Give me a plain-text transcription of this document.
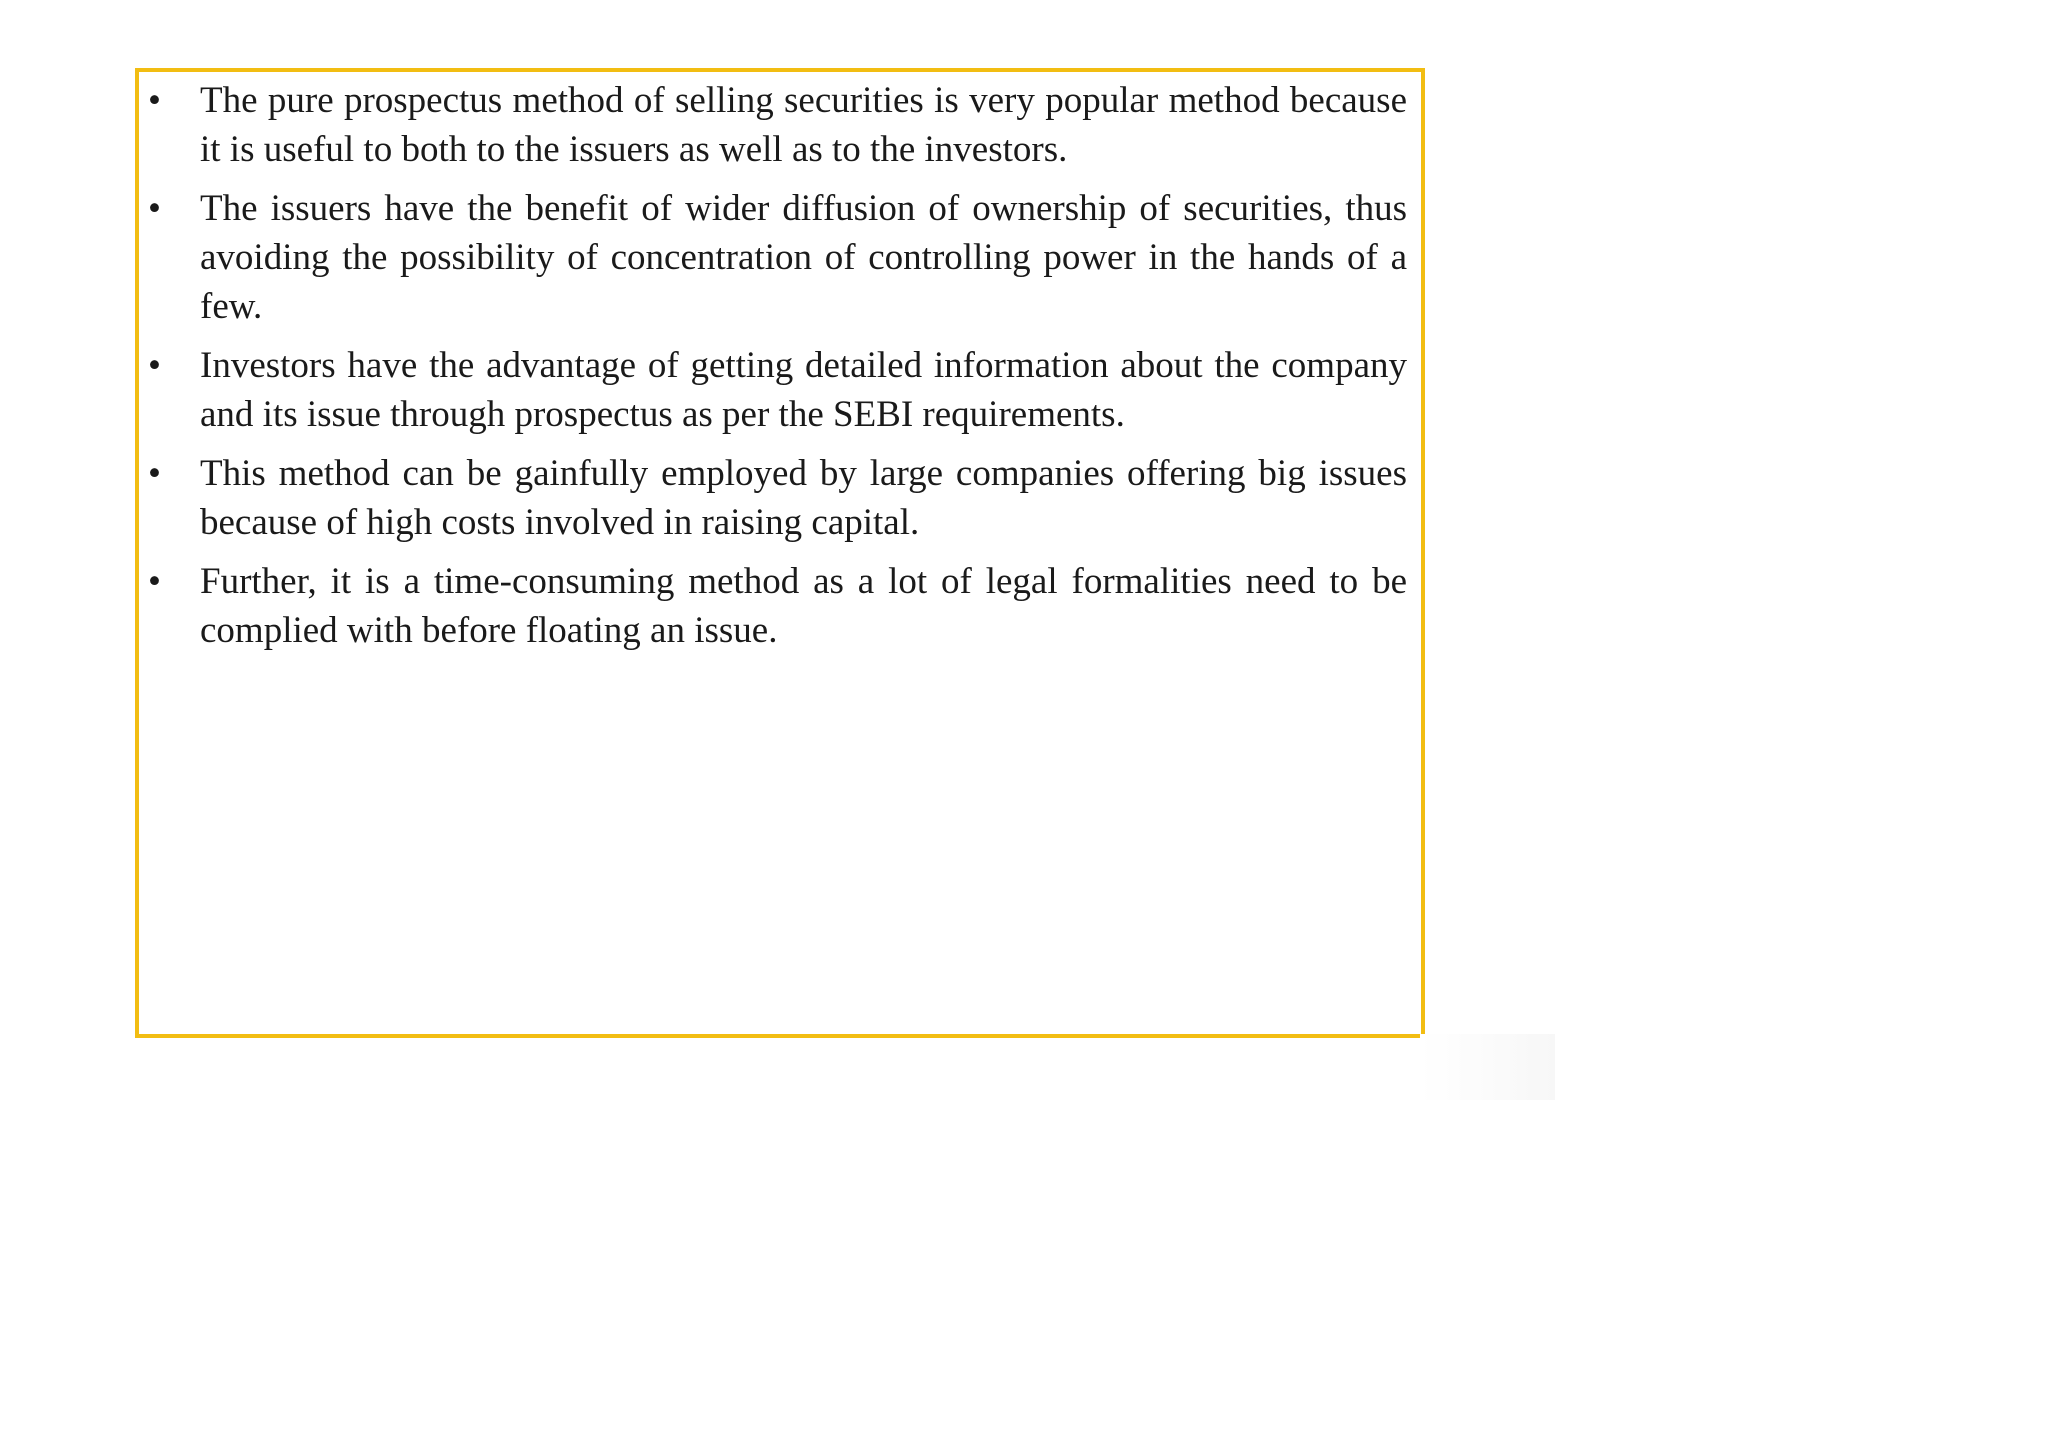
• The pure prospectus method of selling securities is very popular method because it is useful to both to the issuers as well as to the investors.
• The issuers have the benefit of wider diffusion of ownership of securities, thus avoiding the possibility of concentration of controlling power in the hands of a few.
• Investors have the advantage of getting detailed information about the company and its issue through prospectus as per the SEBI requirements.
• This method can be gainfully employed by large companies offering big issues because of high costs involved in raising capital.
• Further, it is a time-consuming method as a lot of legal formalities need to be complied with before floating an issue.
